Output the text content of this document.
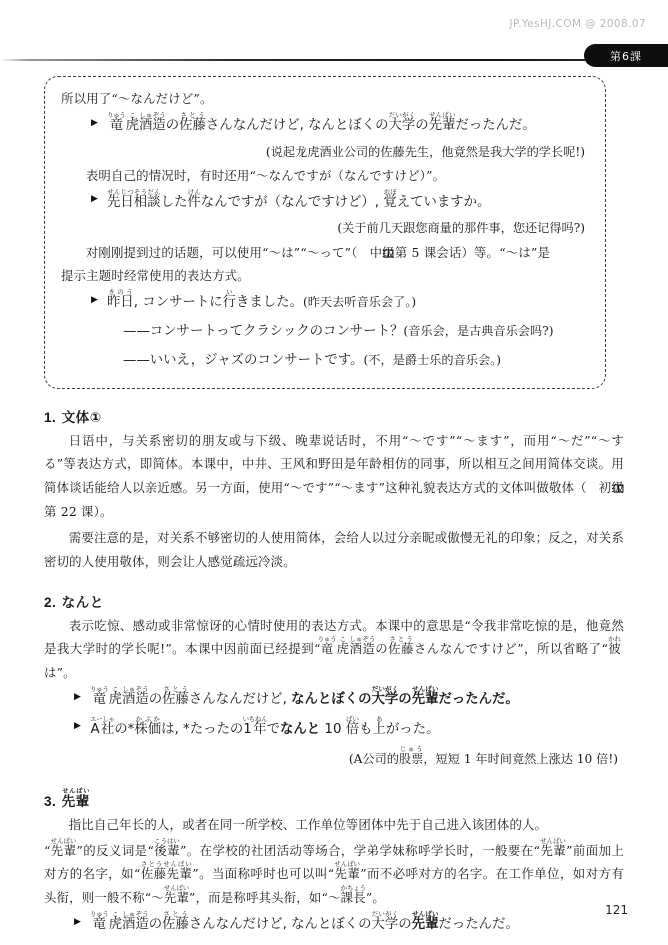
JP.YesHJ.COM @ 2008.07
第6課
所以用了“～なんだけど”。
▶ 竜りゅう虎こ酒造しゅぞうの佐藤さとうさんなんだけど, なんとぼくの大学だいがくの先輩せんぱいだったんだ。
(说起龙虎酒业公司的佐藤先生，他竟然是我大学的学长呢!)
表明自己的情况时，有时还用“～なんですが（なんですけど）”。
▶ 先日相談せんじつそうだんした件けんなんですが（なんですけど）, 覚おぼえていますか。
(关于前几天跟您商量的那件事，您还记得吗?)
对刚刚提到过的话题，可以使用“～は”“～って”（ 中级第 5 课会话）等。“～は”是
提示主题时经常使用的表达方式。
▶ 昨日きのう, コンサートに行いきました。(昨天去听音乐会了。)
——コンサートってクラシックのコンサート？(音乐会，是古典音乐会吗?)
——いいえ，ジャズのコンサートです。(不，是爵士乐的音乐会。)
1. 文体①
日语中，与关系密切的朋友或与下级、晚辈说话时，不用“～です”“～ます”，而用“～だ”“～する”等表达方式，即简体。本课中，中井、王风和野田是年龄相仿的同事，所以相互之间用简体交谈。用简体谈话能给人以亲近感。另一方面，使用“～です”“～ます”这种礼貌表达方式的文体叫做敬体（ 初级第 22 课）。
需要注意的是，对关系不够密切的人使用简体，会给人以过分亲昵或傲慢无礼的印象；反之，对关系密切的人使用敬体，则会让人感觉疏远冷淡。
2. なんと
表示吃惊、感动或非常惊讶的心情时使用的表达方式。本课中的意思是“令我非常吃惊的是，他竟然是我大学时的学长呢!”。本课中因前面已经提到“竜りゅう虎こ酒造しゅぞうの佐藤さとうさんなんですけど”，所以省略了“彼かれは”。
▶ 竜りゅう虎こ酒造しゅぞうの佐藤さとうさんなんだけど, なんとぼくの大学だいがくの先輩せんぱいだったんだ。
▶ A社エーしゃの*株価かぶかは, *たったの1年いちねんでなんと 10 倍ばいも上あがった。
(A公司的股票じゅう，短短 1 年时间竟然上涨达 10 倍!)
3. 先輩せんぱい
指比自己年长的人，或者在同一所学校、工作单位等团体中先于自己进入该团体的人。
“先輩せんぱい”的反义词是“後輩こうはい”。在学校的社团活动等场合，学弟学妹称呼学长时，一般要在“先輩せんぱい”前面加上对方的名字，如“佐藤先輩さとうせんぱい”。当面称呼时也可以叫“先輩せんぱい”而不必呼对方的名字。在工作单位，如对方有头衔，则一般不称“～先輩せんぱい”，而是称呼其头衔，如“～課長かちょう”。
▶ 竜りゅう虎こ酒造しゅぞうの佐藤さとうさんなんだけど, なんとぼくの大学だいがくの先輩せんぱいだったんだ。
121
